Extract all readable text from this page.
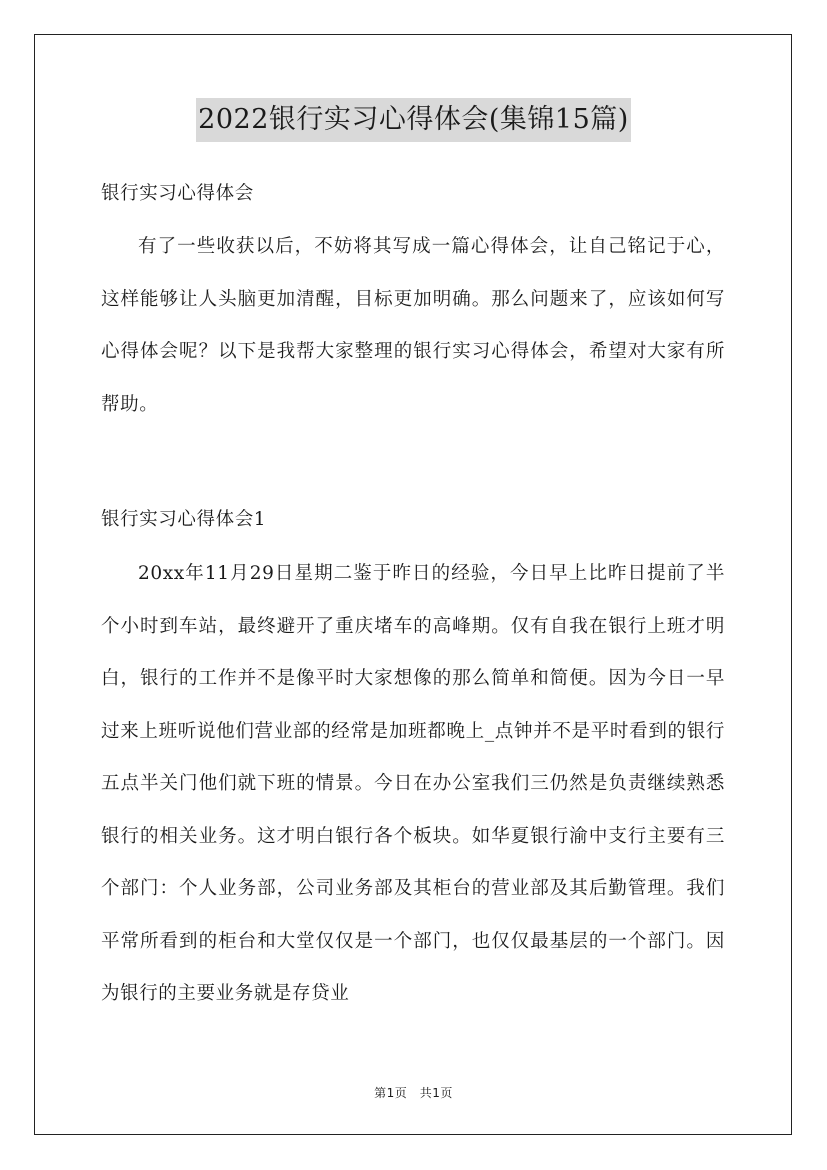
2022银行实习心得体会(集锦15篇)
银行实习心得体会
有了一些收获以后，不妨将其写成一篇心得体会，让自己铭记于心，这样能够让人头脑更加清醒，目标更加明确。那么问题来了，应该如何写心得体会呢？以下是我帮大家整理的银行实习心得体会，希望对大家有所帮助。
银行实习心得体会1
20xx年11月29日星期二鉴于昨日的经验，今日早上比昨日提前了半个小时到车站，最终避开了重庆堵车的高峰期。仅有自我在银行上班才明白，银行的工作并不是像平时大家想像的那么简单和简便。因为今日一早过来上班听说他们营业部的经常是加班都晚上_点钟并不是平时看到的银行五点半关门他们就下班的情景。今日在办公室我们三仍然是负责继续熟悉银行的相关业务。这才明白银行各个板块。如华夏银行渝中支行主要有三个部门：个人业务部，公司业务部及其柜台的营业部及其后勤管理。我们平常所看到的柜台和大堂仅仅是一个部门，也仅仅最基层的一个部门。因为银行的主要业务就是存贷业
第1页　共1页
